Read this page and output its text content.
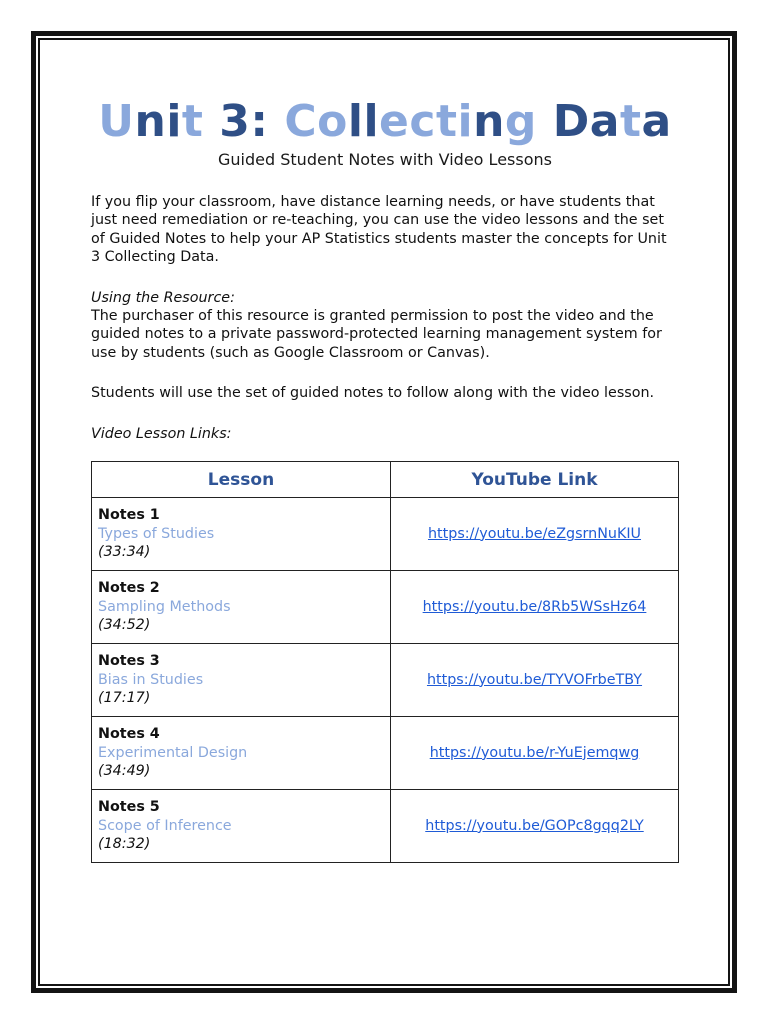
Unit 3: Collecting Data
Guided Student Notes with Video Lessons
If you flip your classroom, have distance learning needs, or have students that just need remediation or re-teaching, you can use the video lessons and the set of Guided Notes to help your AP Statistics students master the concepts for Unit 3 Collecting Data.
Using the Resource:
The purchaser of this resource is granted permission to post the video and the guided notes to a private password-protected learning management system for use by students (such as Google Classroom or Canvas).
Students will use the set of guided notes to follow along with the video lesson.
Video Lesson Links:
Lesson	YouTube Link

Notes 1
Types of Studies
(33:34)	https://youtu.be/eZgsrnNuKIU

Notes 2
Sampling Methods
(34:52)	https://youtu.be/8Rb5WSsHz64

Notes 3
Bias in Studies
(17:17)	https://youtu.be/TYVOFrbeTBY

Notes 4
Experimental Design
(34:49)	https://youtu.be/r-YuEjemqwg

Notes 5
Scope of Inference
(18:32)	https://youtu.be/GOPc8gqq2LY
